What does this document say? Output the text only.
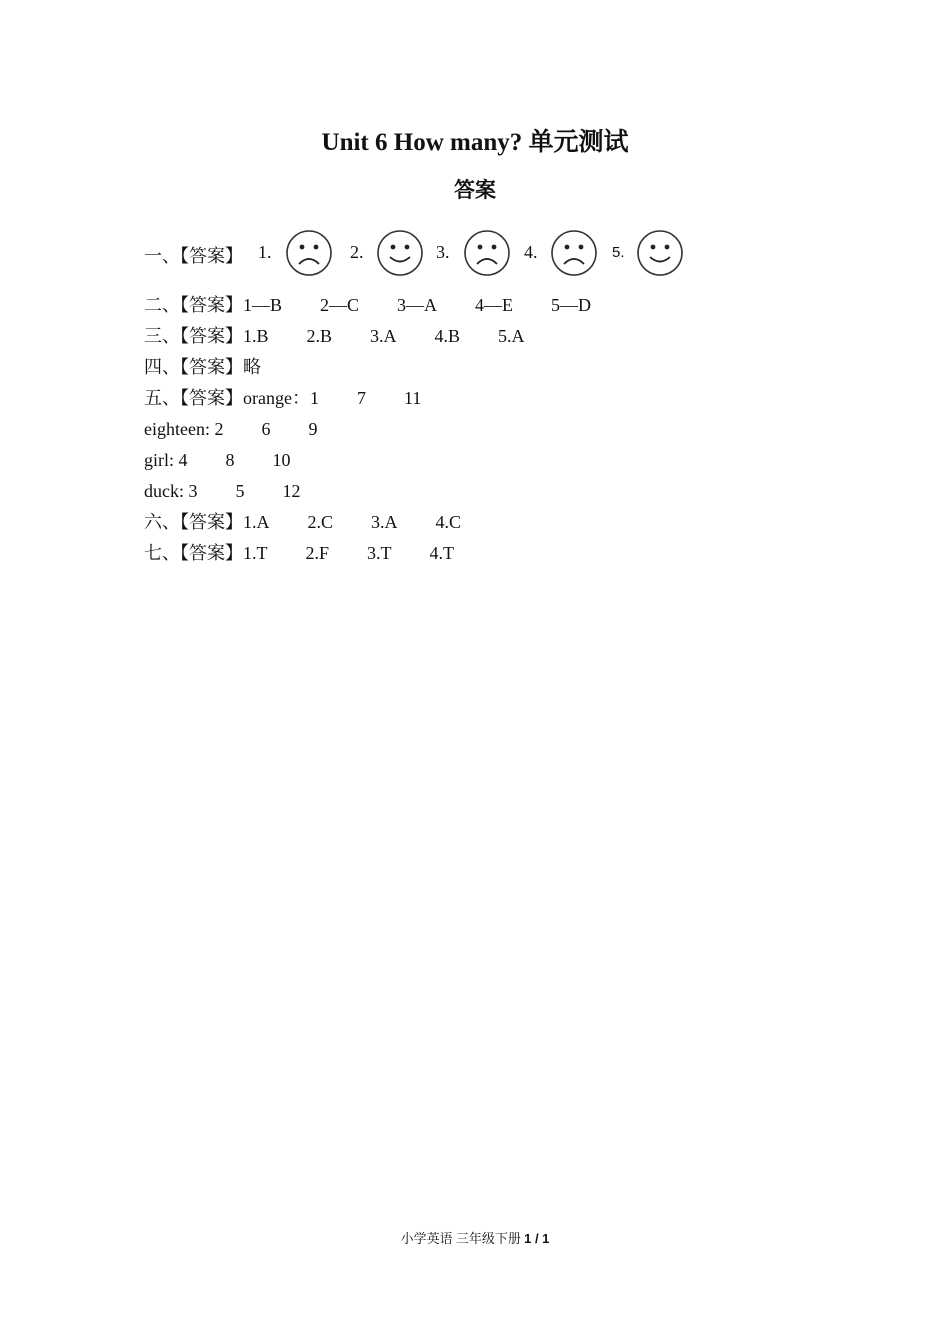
Unit 6 How many? 单元测试
答案
一、【答案】 1.	2.	3.	4.	5.
二、【答案】1—B 2—C 3—A 4—E 5—D
三、【答案】1.B 2.B 3.A 4.B 5.A
四、【答案】略
五、【答案】orange：1 7 11
eighteen: 2 6 9
girl: 4 8 10
duck: 3 5 12
六、【答案】1.A 2.C 3.A 4.C
七、【答案】1.T 2.F 3.T 4.T
小学英语 三年级下册 1 / 1
